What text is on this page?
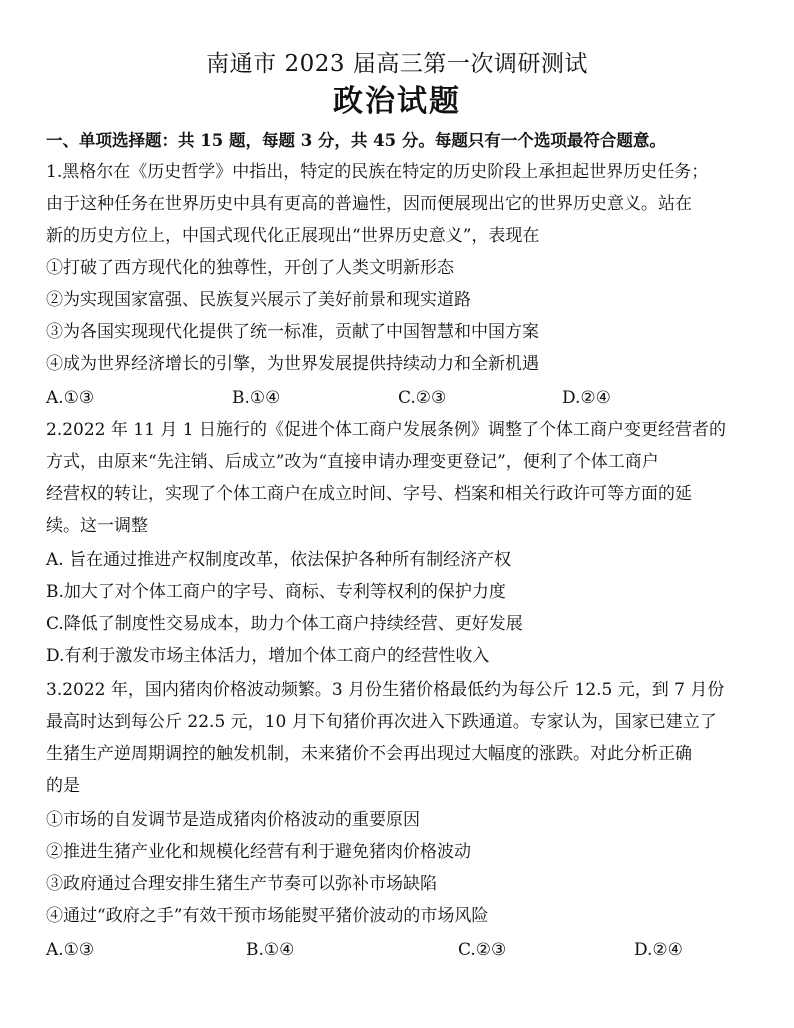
南通市 2023 届高三第一次调研测试
政治试题
一、单项选择题：共 15 题，每题 3 分，共 45 分。每题只有一个选项最符合题意。
1.黑格尔在《历史哲学》中指出，特定的民族在特定的历史阶段上承担起世界历史任务；
由于这种任务在世界历史中具有更高的普遍性，因而便展现出它的世界历史意义。站在
新的历史方位上，中国式现代化正展现出“世界历史意义”，表现在
①打破了西方现代化的独尊性，开创了人类文明新形态
②为实现国家富强、民族复兴展示了美好前景和现实道路
③为各国实现现代化提供了统一标准，贡献了中国智慧和中国方案
④成为世界经济增长的引擎，为世界发展提供持续动力和全新机遇
A.①③	B.①④	C.②③	D.②④
2.2022 年 11 月 1 日施行的《促进个体工商户发展条例》调整了个体工商户变更经营者的
方式，由原来“先注销、后成立”改为“直接申请办理变更登记”，便利了个体工商户
经营权的转让，实现了个体工商户在成立时间、字号、档案和相关行政许可等方面的延
续。这一调整
A. 旨在通过推进产权制度改革，依法保护各种所有制经济产权
B.加大了对个体工商户的字号、商标、专利等权利的保护力度
C.降低了制度性交易成本，助力个体工商户持续经营、更好发展
D.有利于激发市场主体活力，增加个体工商户的经营性收入
3.2022 年，国内猪肉价格波动频繁。3 月份生猪价格最低约为每公斤 12.5 元，到 7 月份
最高时达到每公斤 22.5 元，10 月下旬猪价再次进入下跌通道。专家认为，国家已建立了
生猪生产逆周期调控的触发机制，未来猪价不会再出现过大幅度的涨跌。对此分析正确
的是
①市场的自发调节是造成猪肉价格波动的重要原因
②推进生猪产业化和规模化经营有利于避免猪肉价格波动
③政府通过合理安排生猪生产节奏可以弥补市场缺陷
④通过“政府之手”有效干预市场能熨平猪价波动的市场风险
A.①③	B.①④	C.②③	D.②④
